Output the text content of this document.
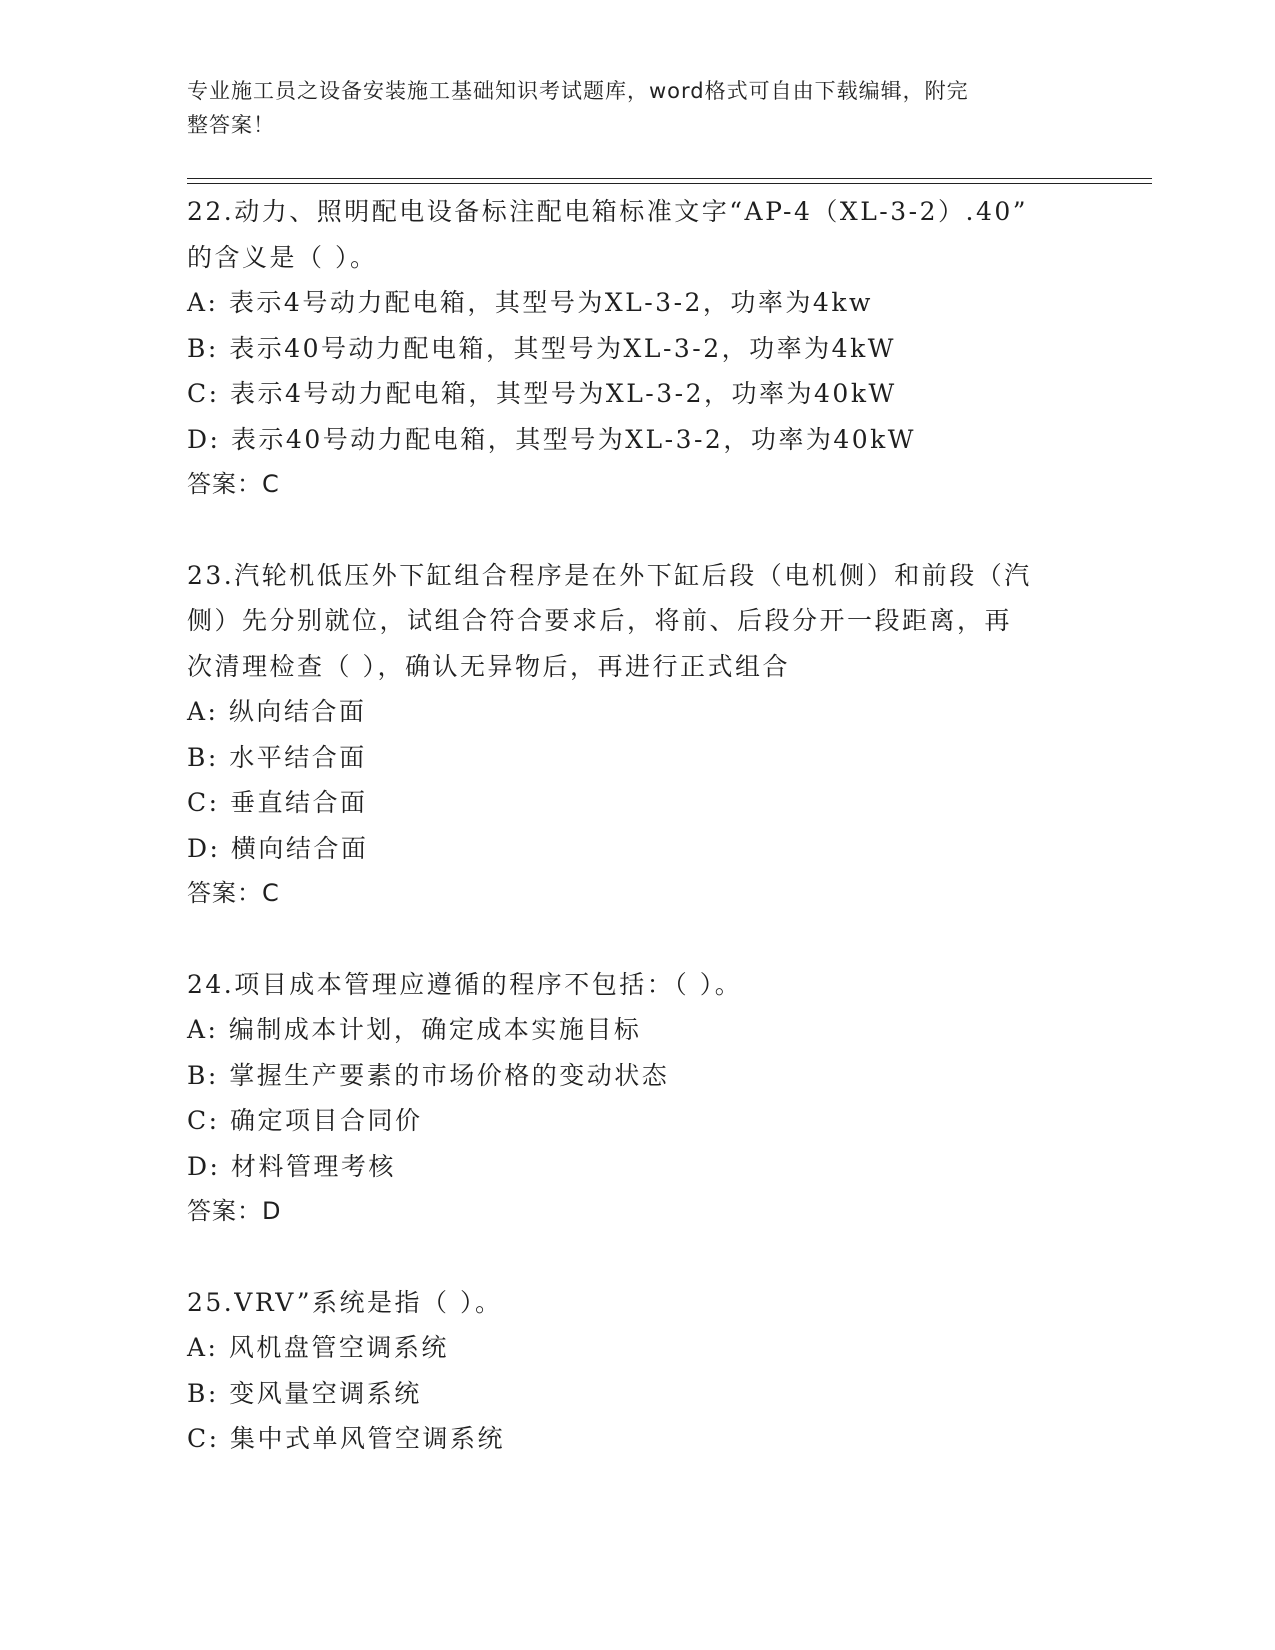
专业施工员之设备安装施工基础知识考试题库，word格式可自由下载编辑，附完
整答案！
22.动力、照明配电设备标注配电箱标准文字“AP-4（XL-3-2）.40”
的含义是（ ）。
A: 表示4号动力配电箱，其型号为XL-3-2，功率为4kw
B: 表示40号动力配电箱，其型号为XL-3-2，功率为4kW
C: 表示4号动力配电箱，其型号为XL-3-2，功率为40kW
D: 表示40号动力配电箱，其型号为XL-3-2，功率为40kW
答案：C
23.汽轮机低压外下缸组合程序是在外下缸后段（电机侧）和前段（汽
侧）先分别就位，试组合符合要求后，将前、后段分开一段距离，再
次清理检查（ ），确认无异物后，再进行正式组合
A: 纵向结合面
B: 水平结合面
C: 垂直结合面
D: 横向结合面
答案：C
24.项目成本管理应遵循的程序不包括：（ ）。
A: 编制成本计划，确定成本实施目标
B: 掌握生产要素的市场价格的变动状态
C: 确定项目合同价
D: 材料管理考核
答案：D
25.VRV”系统是指（ ）。
A: 风机盘管空调系统
B: 变风量空调系统
C: 集中式单风管空调系统
